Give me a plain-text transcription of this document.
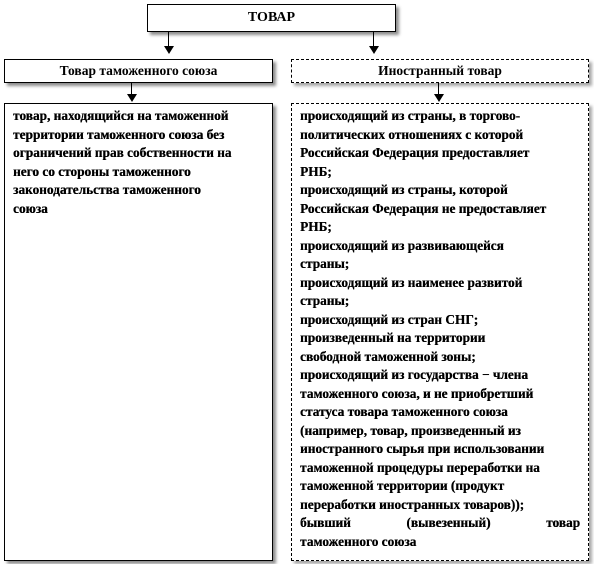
ТОВАР
Товар таможенного союза	Иностранный товар
товар, находящийся на таможенной
территории таможенного союза без
ограничений прав собственности на
него со стороны таможенного
законодательства таможенного
союза
происходящий из страны, в торгово-
политических отношениях с которой
Российская Федерация предоставляет
РНБ;
происходящий из страны, которой
Российская Федерация не предоставляет
РНБ;
происходящий из развивающейся
страны;
происходящий из наименее развитой
страны;
происходящий из стран СНГ;
произведенный на территории
свободной таможенной зоны;
происходящий из государства − члена
таможенного союза, и не приобретший
статуса товара таможенного союза
(например, товар, произведенный из
иностранного сырья при использовании
таможенной процедуры переработки на
таможенной территории (продукт
переработки иностранных товаров));
бывший	(вывезенный)	товар
таможенного союза
